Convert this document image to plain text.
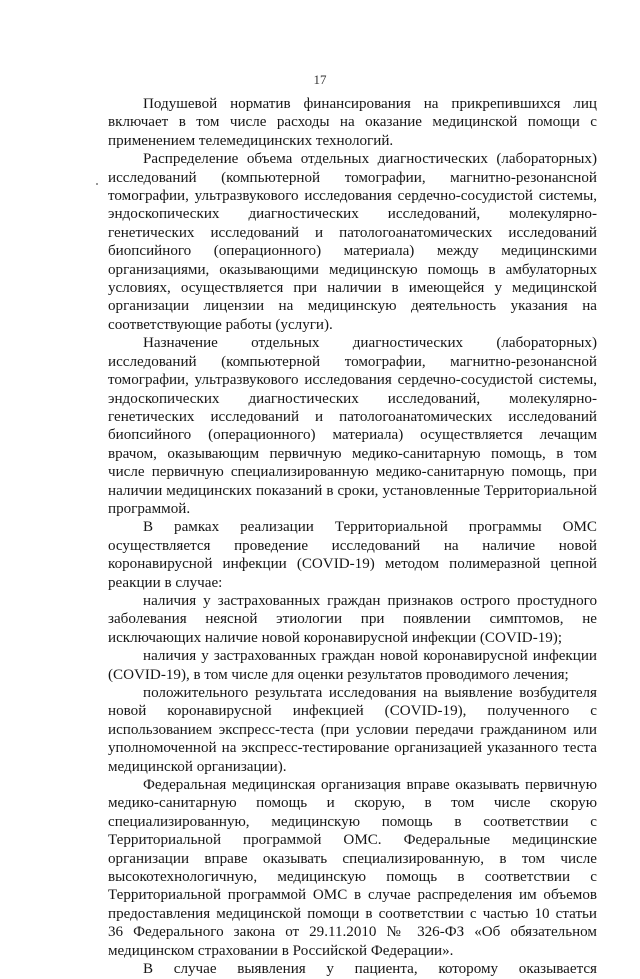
17

Подушевой норматив финансирования на прикрепившихся лиц включает в том числе расходы на оказание медицинской помощи с применением телемедицинских технологий.

Распределение объема отдельных диагностических (лабораторных) исследований (компьютерной томографии, магнитно-резонансной томографии, ультразвукового исследования сердечно-сосудистой системы, эндоскопических диагностических исследований, молекулярно-генетических исследований и патологоанатомических исследований биопсийного (операционного) материала) между медицинскими организациями, оказывающими медицинскую помощь в амбулаторных условиях, осуществляется при наличии в имеющейся у медицинской организации лицензии на медицинскую деятельность указания на соответствующие работы (услуги).

Назначение отдельных диагностических (лабораторных) исследований (компьютерной томографии, магнитно-резонансной томографии, ультразвукового исследования сердечно-сосудистой системы, эндоскопических диагностических исследований, молекулярно-генетических исследований и патологоанатомических исследований биопсийного (операционного) материала) осуществляется лечащим врачом, оказывающим первичную медико-санитарную помощь, в том числе первичную специализированную медико-санитарную помощь, при наличии медицинских показаний в сроки, установленные Территориальной программой.

В рамках реализации Территориальной программы ОМС осуществляется проведение исследований на наличие новой коронавирусной инфекции (COVID-19) методом полимеразной цепной реакции в случае:

наличия у застрахованных граждан признаков острого простудного заболевания неясной этиологии при появлении симптомов, не исключающих наличие новой коронавирусной инфекции (COVID-19);

наличия у застрахованных граждан новой коронавирусной инфекции (COVID-19), в том числе для оценки результатов проводимого лечения;

положительного результата исследования на выявление возбудителя новой коронавирусной инфекцией (COVID-19), полученного с использованием экспресс-теста (при условии передачи гражданином или уполномоченной на экспресс-тестирование организацией указанного теста медицинской организации).

Федеральная медицинская организация вправе оказывать первичную медико-санитарную помощь и скорую, в том числе скорую специализированную, медицинскую помощь в соответствии с Территориальной программой ОМС. Федеральные медицинские организации вправе оказывать специализированную, в том числе высокотехнологичную, медицинскую помощь в соответствии с Территориальной программой ОМС в случае распределения им объемов предоставления медицинской помощи в соответствии с частью 10 статьи 36 Федерального закона от 29.11.2010 № 326-ФЗ «Об обязательном медицинском страховании в Российской Федерации».

В случае выявления у пациента, которому оказывается
